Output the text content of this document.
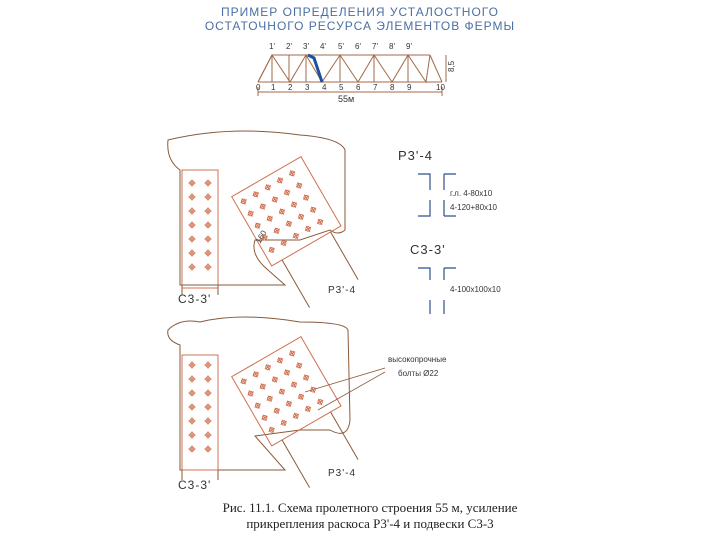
ПРИМЕР ОПРЕДЕЛЕНИЯ УСТАЛОСТНОГО
ОСТАТОЧНОГО РЕСУРСА ЭЛЕМЕНТОВ ФЕРМЫ
1' 2' 3' 4' 5' 6' 7' 8' 9'
0 1 2 3 4 5 6 7 8 9	10
55м
8,5
160
С3-3'
Р3'-4
высокопрочные
болты Ø22
С3-3'
Р3'-4
Р3'-4
г.л. 4-80х10
4-120+80х10
С3-3'
4-100х100х10
Рис. 11.1. Схема пролетного строения 55 м, усиление
прикрепления раскоса Р3'-4 и подвески С3-3
